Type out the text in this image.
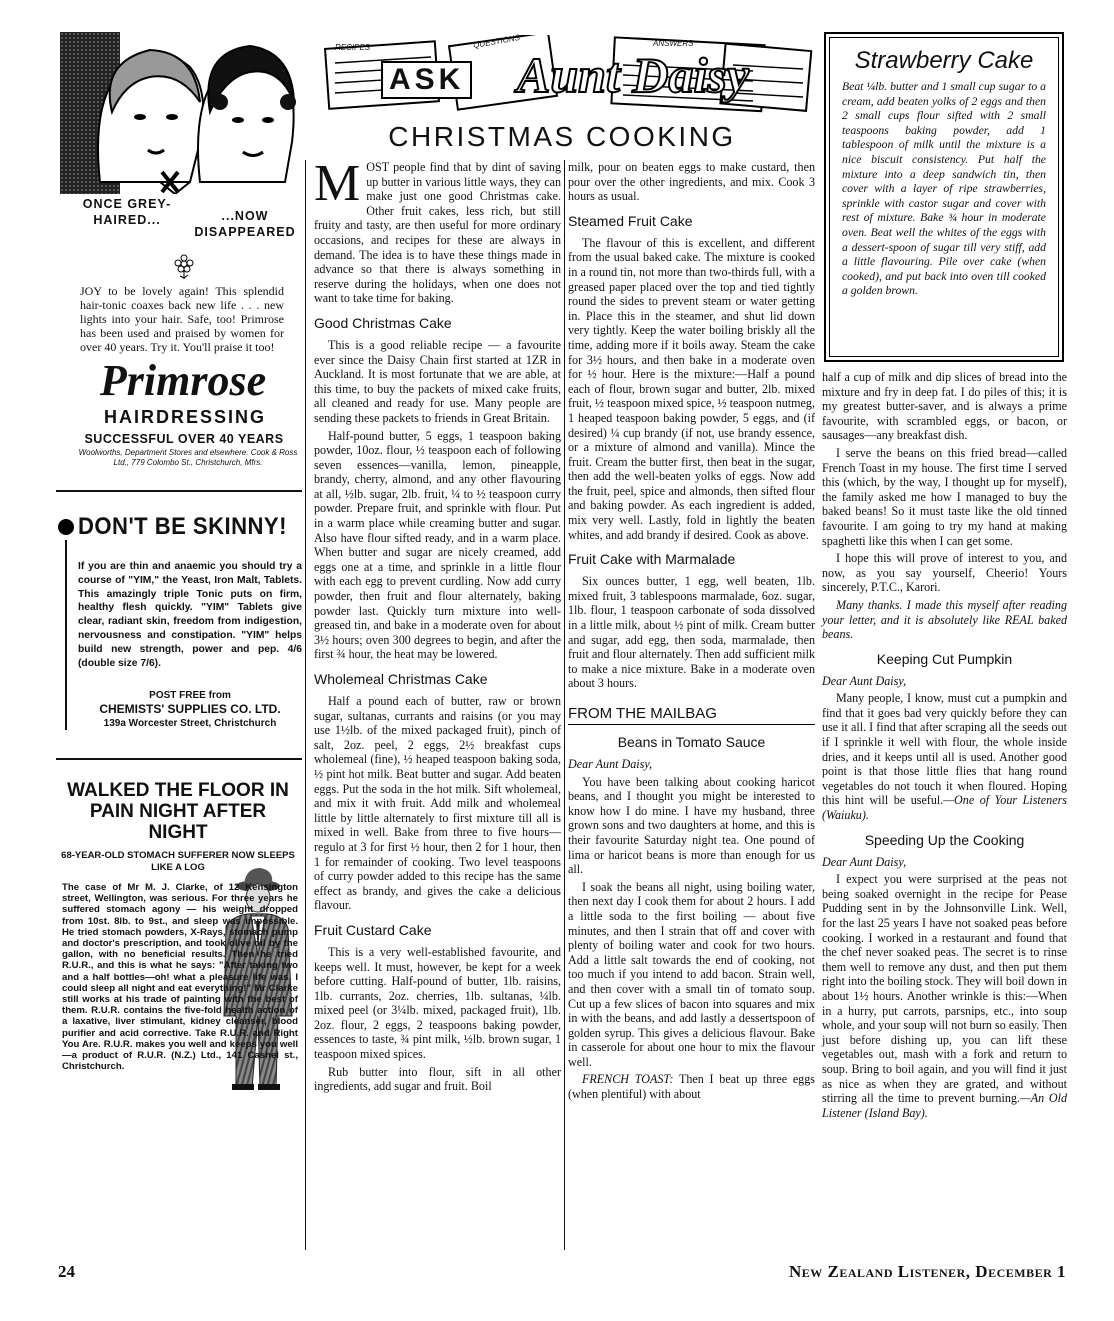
ONCE GREY-HAIRED...	...NOW DISAPPEARED
JOY to be lovely again! This splendid hair-tonic coaxes back new life . . . new lights into your hair. Safe, too! Primrose has been used and praised by women for over 40 years. Try it. You'll praise it too!
Primrose
HAIRDRESSING
SUCCESSFUL OVER 40 YEARS
Woolworths, Department Stores and elsewhere. Cook & Ross Ltd., 779 Colombo St., Christchurch, Mfrs.
DON'T BE SKINNY!
If you are thin and anaemic you should try a course of "YIM," the Yeast, Iron Malt, Tablets. This amazingly triple Tonic puts on firm, healthy flesh quickly. "YIM" Tablets give clear, radiant skin, freedom from indigestion, nervousness and constipation. "YIM" helps build new strength, power and pep. 4/6 (double size 7/6).
POST FREE from
CHEMISTS' SUPPLIES CO. LTD.
139a Worcester Street, Christchurch
WALKED THE FLOOR IN PAIN NIGHT AFTER NIGHT
68-YEAR-OLD STOMACH SUFFERER NOW SLEEPS LIKE A LOG
The case of Mr M. J. Clarke, of 12 Kensington street, Wellington, was serious. For three years he suffered stomach agony — his weight dropped from 10st. 8lb. to 9st., and sleep was impossible. He tried stomach powders, X-Rays, stomach pump and doctor's prescription, and took olive oil by the gallon, with no beneficial results. Then he tried R.U.R., and this is what he says: "After taking two and a half bottles—oh! what a pleasure life was. I could sleep all night and eat everything!" Mr Clarke still works at his trade of painting with the best of them. R.U.R. contains the five-fold health action of a laxative, liver stimulant, kidney cleanser, blood purifier and acid corrective. Take R.U.R. and Right You Are. R.U.R. makes you well and keeps you well—a product of R.U.R. (N.Z.) Ltd., 141 Cashel st., Christchurch.
RECIPES	QUESTIONS	ANSWERS
ASK	Aunt Daisy
CHRISTMAS COOKING

MOST people find that by dint of saving up butter in various little ways, they can make just one good Christmas cake. Other fruit cakes, less rich, but still fruity and tasty, are then useful for more ordinary occasions, and recipes for these are always in demand. The idea is to have these things made in advance so that there is always something in reserve during the holidays, when one does not want to take time for baking.

Good Christmas Cake

This is a good reliable recipe — a favourite ever since the Daisy Chain first started at 1ZR in Auckland. It is most fortunate that we are able, at this time, to buy the packets of mixed cake fruits, all cleaned and ready for use. Many people are sending these packets to friends in Great Britain.

Half-pound butter, 5 eggs, 1 teaspoon baking powder, 10oz. flour, ½ teaspoon each of following seven essences—vanilla, lemon, pineapple, brandy, cherry, almond, and any other flavouring at all, ½lb. sugar, 2lb. fruit, ¼ to ½ teaspoon curry powder. Prepare fruit, and sprinkle with flour. Put in a warm place while creaming butter and sugar. Also have flour sifted ready, and in a warm place. When butter and sugar are nicely creamed, add eggs one at a time, and sprinkle in a little flour with each egg to prevent curdling. Now add curry powder, then fruit and flour alternately, baking powder last. Quickly turn mixture into well-greased tin, and bake in a moderate oven for about 3½ hours; oven 300 degrees to begin, and after the first ¾ hour, the heat may be lowered.

Wholemeal Christmas Cake

Half a pound each of butter, raw or brown sugar, sultanas, currants and raisins (or you may use 1½lb. of the mixed packaged fruit), pinch of salt, 2oz. peel, 2 eggs, 2½ breakfast cups wholemeal (fine), ½ heaped teaspoon baking soda, ½ pint hot milk. Beat butter and sugar. Add beaten eggs. Put the soda in the hot milk. Sift wholemeal, and mix it with fruit. Add milk and wholemeal little by little alternately to first mixture till all is mixed in well. Bake from three to five hours—regulo at 3 for first ½ hour, then 2 for 1 hour, then 1 for remainder of cooking. Two level teaspoons of curry powder added to this recipe has the same effect as brandy, and gives the cake a delicious flavour.

Fruit Custard Cake

This is a very well-established favourite, and keeps well. It must, however, be kept for a week before cutting. Half-pound of butter, 1lb. raisins, 1lb. currants, 2oz. cherries, 1lb. sultanas, ¼lb. mixed peel (or 3¼lb. mixed, packaged fruit), 1lb. 2oz. flour, 2 eggs, 2 teaspoons baking powder, essences to taste, ¾ pint milk, ½lb. brown sugar, 1 teaspoon mixed spices.

Rub butter into flour, sift in all other ingredients, add sugar and fruit. Boil

milk, pour on beaten eggs to make custard, then pour over the other ingredients, and mix. Cook 3 hours as usual.

Steamed Fruit Cake

The flavour of this is excellent, and different from the usual baked cake. The mixture is cooked in a round tin, not more than two-thirds full, with a greased paper placed over the top and tied tightly round the sides to prevent steam or water getting in. Place this in the steamer, and shut lid down very tightly. Keep the water boiling briskly all the time, adding more if it boils away. Steam the cake for 3½ hours, and then bake in a moderate oven for ½ hour. Here is the mixture:—Half a pound each of flour, brown sugar and butter, 2lb. mixed fruit, ½ teaspoon mixed spice, ½ teaspoon nutmeg, 1 heaped teaspoon baking powder, 5 eggs, and (if desired) ¼ cup brandy (if not, use brandy essence, or a mixture of almond and vanilla). Mince the fruit. Cream the butter first, then beat in the sugar, then add the well-beaten yolks of eggs. Now add the fruit, peel, spice and almonds, then sifted flour and baking powder. As each ingredient is added, mix very well. Lastly, fold in lightly the beaten whites, and add brandy if desired. Cook as above.

Fruit Cake with Marmalade

Six ounces butter, 1 egg, well beaten, 1lb. mixed fruit, 3 tablespoons marmalade, 6oz. sugar, 1lb. flour, 1 teaspoon carbonate of soda dissolved in a little milk, about ½ pint of milk. Cream butter and sugar, add egg, then soda, marmalade, then fruit and flour alternately. Then add sufficient milk to make a nice mixture. Bake in a moderate oven about 3 hours.

FROM THE MAILBAG
Beans in Tomato Sauce

Dear Aunt Daisy,

You have been talking about cooking haricot beans, and I thought you might be interested to know how I do mine. I have my husband, three grown sons and two daughters at home, and this is their favourite Saturday night tea. One pound of lima or haricot beans is more than enough for us all.

I soak the beans all night, using boiling water, then next day I cook them for about 2 hours. I add a little soda to the first boiling — about five minutes, and then I strain that off and cover with plenty of boiling water and cook for two hours. Add a little salt towards the end of cooking, not too much if you intend to add bacon. Strain well, and then cover with a small tin of tomato soup. Cut up a few slices of bacon into squares and mix in with the beans, and add lastly a dessertspoon of golden syrup. This gives a delicious flavour. Bake in casserole for about one hour to mix the flavour well.

FRENCH TOAST: Then I beat up three eggs (when plentiful) with about

Strawberry Cake
Beat ¼lb. butter and 1 small cup sugar to a cream, add beaten yolks of 2 eggs and then 2 small cups flour sifted with 2 small teaspoons baking powder, add 1 tablespoon of milk until the mixture is a nice biscuit consistency. Put half the mixture into a deep sandwich tin, then cover with a layer of ripe strawberries, sprinkle with castor sugar and cover with rest of mixture. Bake ¾ hour in moderate oven. Beat well the whites of the eggs with a dessert-spoon of sugar till very stiff, add a little flavouring. Pile over cake (when cooked), and put back into oven till cooked a golden brown.

half a cup of milk and dip slices of bread into the mixture and fry in deep fat. I do piles of this; it is my greatest butter-saver, and is always a prime favourite, with scrambled eggs, or bacon, or sausages—any breakfast dish.

I serve the beans on this fried bread—called French Toast in my house. The first time I served this (which, by the way, I thought up for myself), the family asked me how I managed to buy the baked beans! So it must taste like the old tinned favourite. I am going to try my hand at making spaghetti like this when I can get some.

I hope this will prove of interest to you, and now, as you say yourself, Cheerio! Yours sincerely, P.T.C., Karori.

Many thanks. I made this myself after reading your letter, and it is absolutely like REAL baked beans.

Keeping Cut Pumpkin

Dear Aunt Daisy,

Many people, I know, must cut a pumpkin and find that it goes bad very quickly before they can use it all. I find that after scraping all the seeds out if I sprinkle it well with flour, the whole inside dries, and it keeps until all is used. Another good point is that those little flies that hang round vegetables do not touch it when floured. Hoping this hint will be useful.—One of Your Listeners (Waiuku).

Speeding Up the Cooking

Dear Aunt Daisy,

I expect you were surprised at the peas not being soaked overnight in the recipe for Pease Pudding sent in by the Johnsonville Link. Well, for the last 25 years I have not soaked peas before cooking. I worked in a restaurant and found that the chef never soaked peas. The secret is to rinse them well to remove any dust, and then put them right into the boiling stock. They will boil down in about 1½ hours. Another wrinkle is this:—When in a hurry, put carrots, parsnips, etc., into soup whole, and your soup will not burn so easily. Then just before dishing up, you can lift these vegetables out, mash with a fork and return to soup. Bring to boil again, and you will find it just as nice as when they are grated, and without stirring all the time to prevent burning.—An Old Listener (Island Bay).

24	New Zealand Listener, December 1
